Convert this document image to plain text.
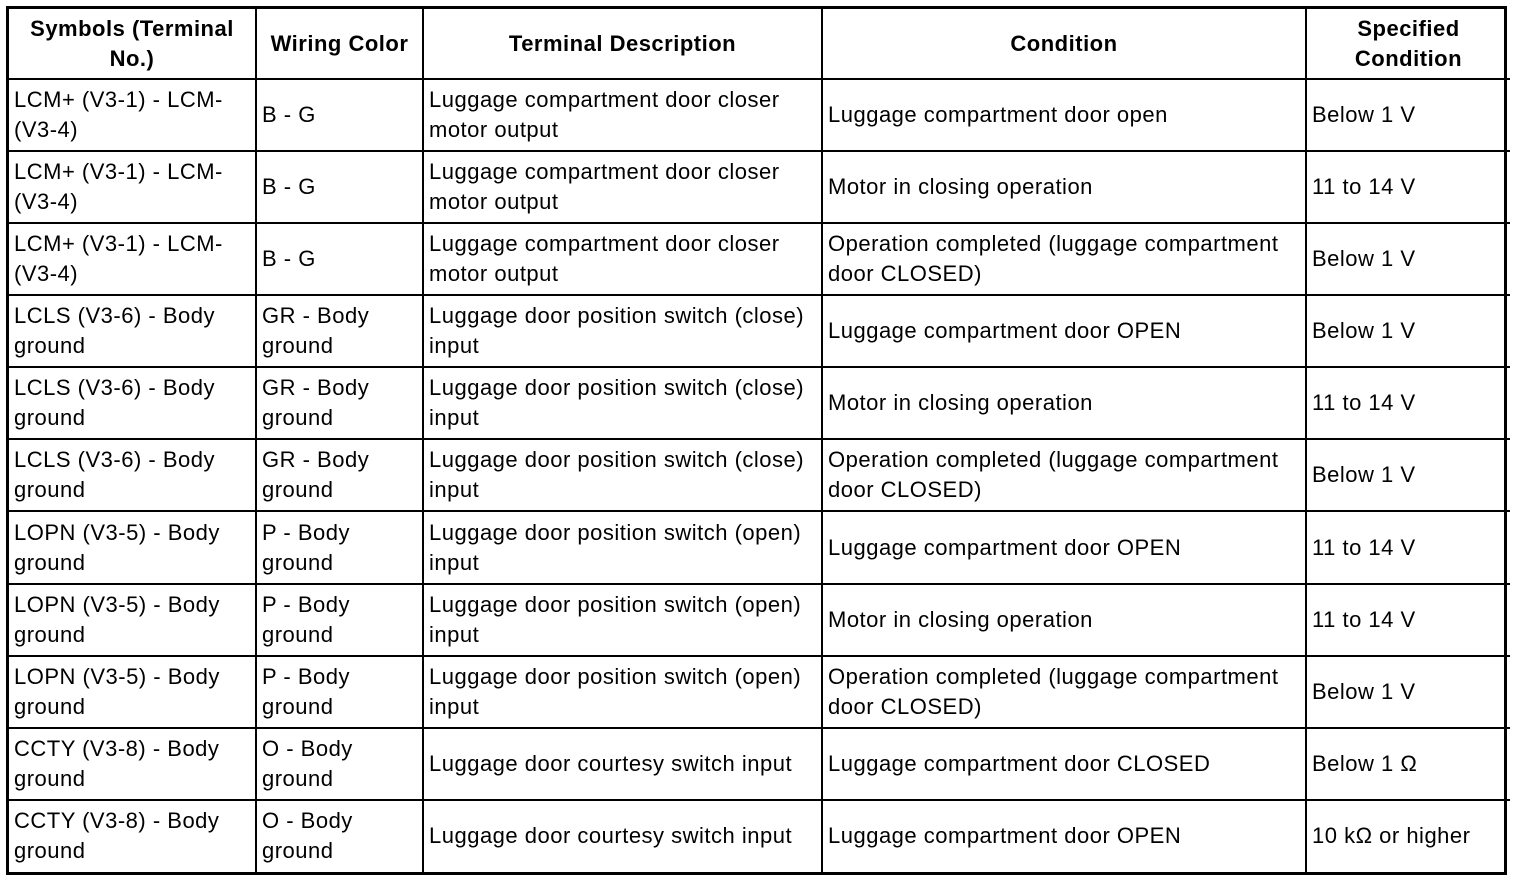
Symbols (Terminal No.)	Wiring Color	Terminal Description	Condition	Specified Condition
LCM+ (V3-1) - LCM- (V3-4)	B - G	Luggage compartment door closer motor output	Luggage compartment door open	Below 1 V
LCM+ (V3-1) - LCM- (V3-4)	B - G	Luggage compartment door closer motor output	Motor in closing operation	11 to 14 V
LCM+ (V3-1) - LCM- (V3-4)	B - G	Luggage compartment door closer motor output	Operation completed (luggage compartment door CLOSED)	Below 1 V
LCLS (V3-6) - Body ground	GR - Body ground	Luggage door position switch (close) input	Luggage compartment door OPEN	Below 1 V
LCLS (V3-6) - Body ground	GR - Body ground	Luggage door position switch (close) input	Motor in closing operation	11 to 14 V
LCLS (V3-6) - Body ground	GR - Body ground	Luggage door position switch (close) input	Operation completed (luggage compartment door CLOSED)	Below 1 V
LOPN (V3-5) - Body ground	P - Body ground	Luggage door position switch (open) input	Luggage compartment door OPEN	11 to 14 V
LOPN (V3-5) - Body ground	P - Body ground	Luggage door position switch (open) input	Motor in closing operation	11 to 14 V
LOPN (V3-5) - Body ground	P - Body ground	Luggage door position switch (open) input	Operation completed (luggage compartment door CLOSED)	Below 1 V
CCTY (V3-8) - Body ground	O - Body ground	Luggage door courtesy switch input	Luggage compartment door CLOSED	Below 1 Ω
CCTY (V3-8) - Body ground	O - Body ground	Luggage door courtesy switch input	Luggage compartment door OPEN	10 kΩ or higher
